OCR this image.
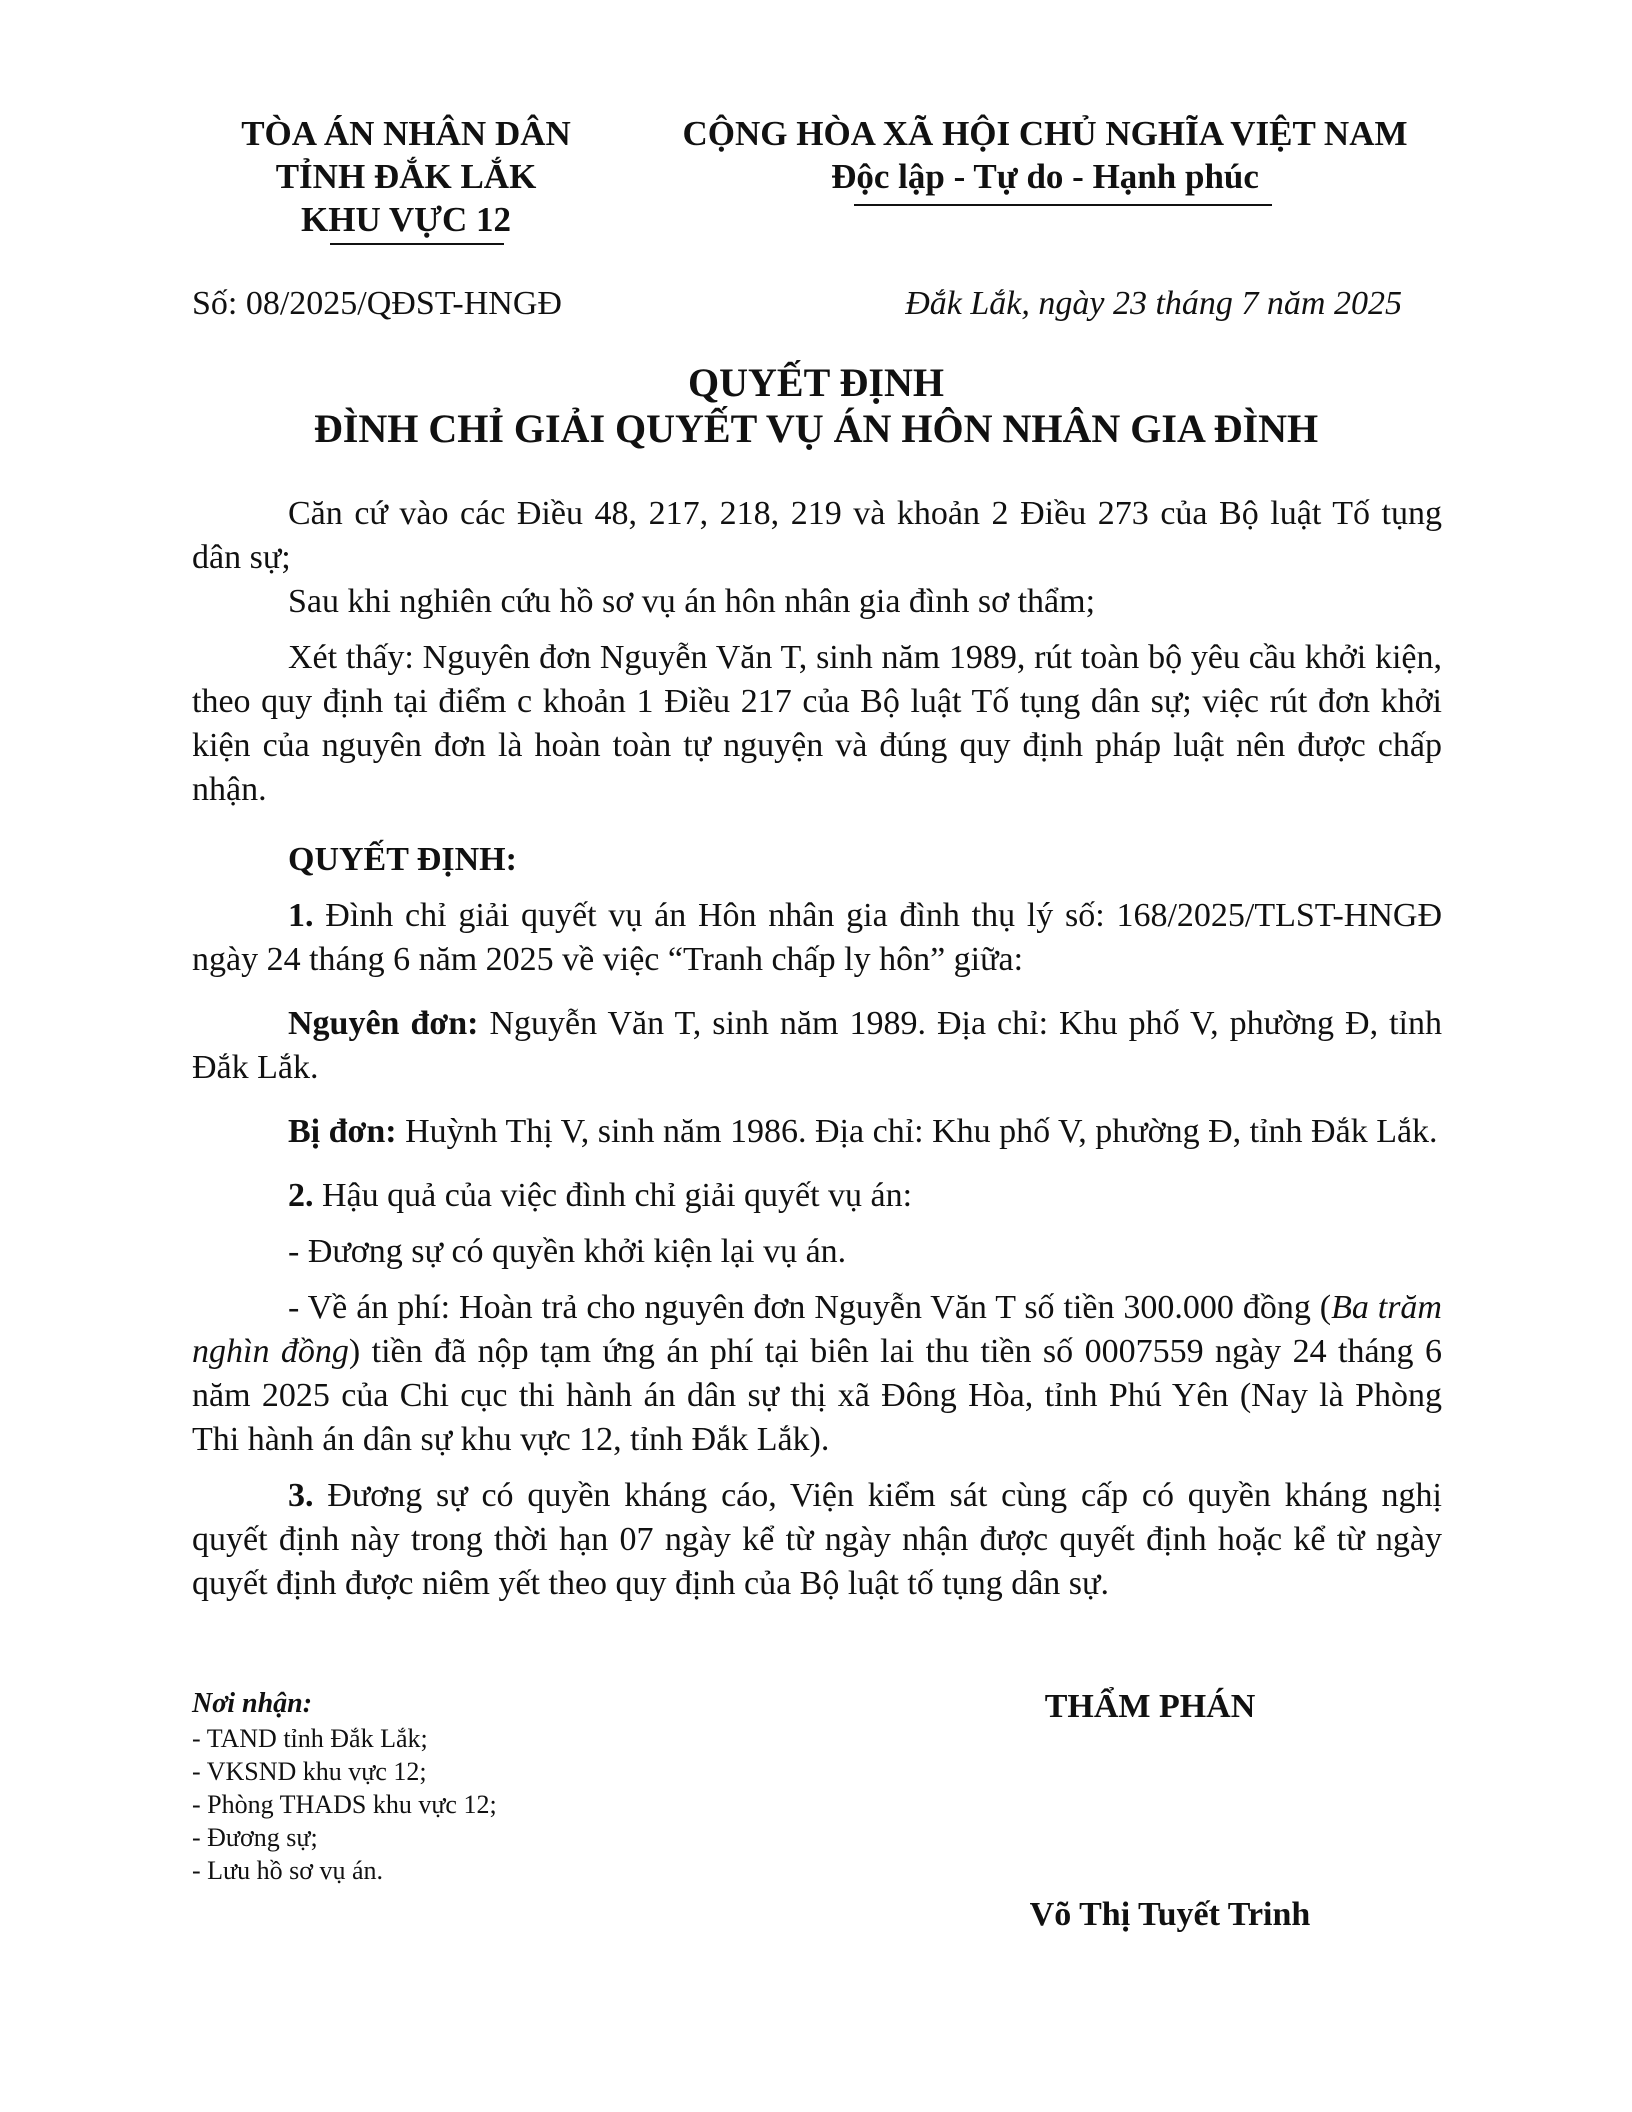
TÒA ÁN NHÂN DÂN
TỈNH ĐẮK LẮK
KHU VỰC 12
CỘNG HÒA XÃ HỘI CHỦ NGHĨA VIỆT NAM
Độc lập - Tự do - Hạnh phúc
Số: 08/2025/QĐST-HNGĐ	Đắk Lắk, ngày 23 tháng 7 năm 2025
QUYẾT ĐỊNH
ĐÌNH CHỈ GIẢI QUYẾT VỤ ÁN HÔN NHÂN GIA ĐÌNH

Căn cứ vào các Điều 48, 217, 218, 219 và khoản 2 Điều 273 của Bộ luật Tố tụng dân sự;

Sau khi nghiên cứu hồ sơ vụ án hôn nhân gia đình sơ thẩm;

Xét thấy: Nguyên đơn Nguyễn Văn T, sinh năm 1989, rút toàn bộ yêu cầu khởi kiện, theo quy định tại điểm c khoản 1 Điều 217 của Bộ luật Tố tụng dân sự; việc rút đơn khởi kiện của nguyên đơn là hoàn toàn tự nguyện và đúng quy định pháp luật nên được chấp nhận.

QUYẾT ĐỊNH:

1. Đình chỉ giải quyết vụ án Hôn nhân gia đình thụ lý số: 168/2025/TLST-HNGĐ ngày 24 tháng 6 năm 2025 về việc “Tranh chấp ly hôn” giữa:

Nguyên đơn: Nguyễn Văn T, sinh năm 1989. Địa chỉ: Khu phố V, phường Đ, tỉnh Đắk Lắk.

Bị đơn: Huỳnh Thị V, sinh năm 1986. Địa chỉ: Khu phố V, phường Đ, tỉnh Đắk Lắk.

2. Hậu quả của việc đình chỉ giải quyết vụ án:

- Đương sự có quyền khởi kiện lại vụ án.

- Về án phí: Hoàn trả cho nguyên đơn Nguyễn Văn T số tiền 300.000 đồng (Ba trăm nghìn đồng) tiền đã nộp tạm ứng án phí tại biên lai thu tiền số 0007559 ngày 24 tháng 6 năm 2025 của Chi cục thi hành án dân sự thị xã Đông Hòa, tỉnh Phú Yên (Nay là Phòng Thi hành án dân sự khu vực 12, tỉnh Đắk Lắk).

3. Đương sự có quyền kháng cáo, Viện kiểm sát cùng cấp có quyền kháng nghị quyết định này trong thời hạn 07 ngày kể từ ngày nhận được quyết định hoặc kể từ ngày quyết định được niêm yết theo quy định của Bộ luật tố tụng dân sự.

Nơi nhận:
- TAND tỉnh Đắk Lắk;
- VKSND khu vực 12;
- Phòng THADS khu vực 12;
- Đương sự;
- Lưu hồ sơ vụ án.
THẨM PHÁN
Võ Thị Tuyết Trinh
